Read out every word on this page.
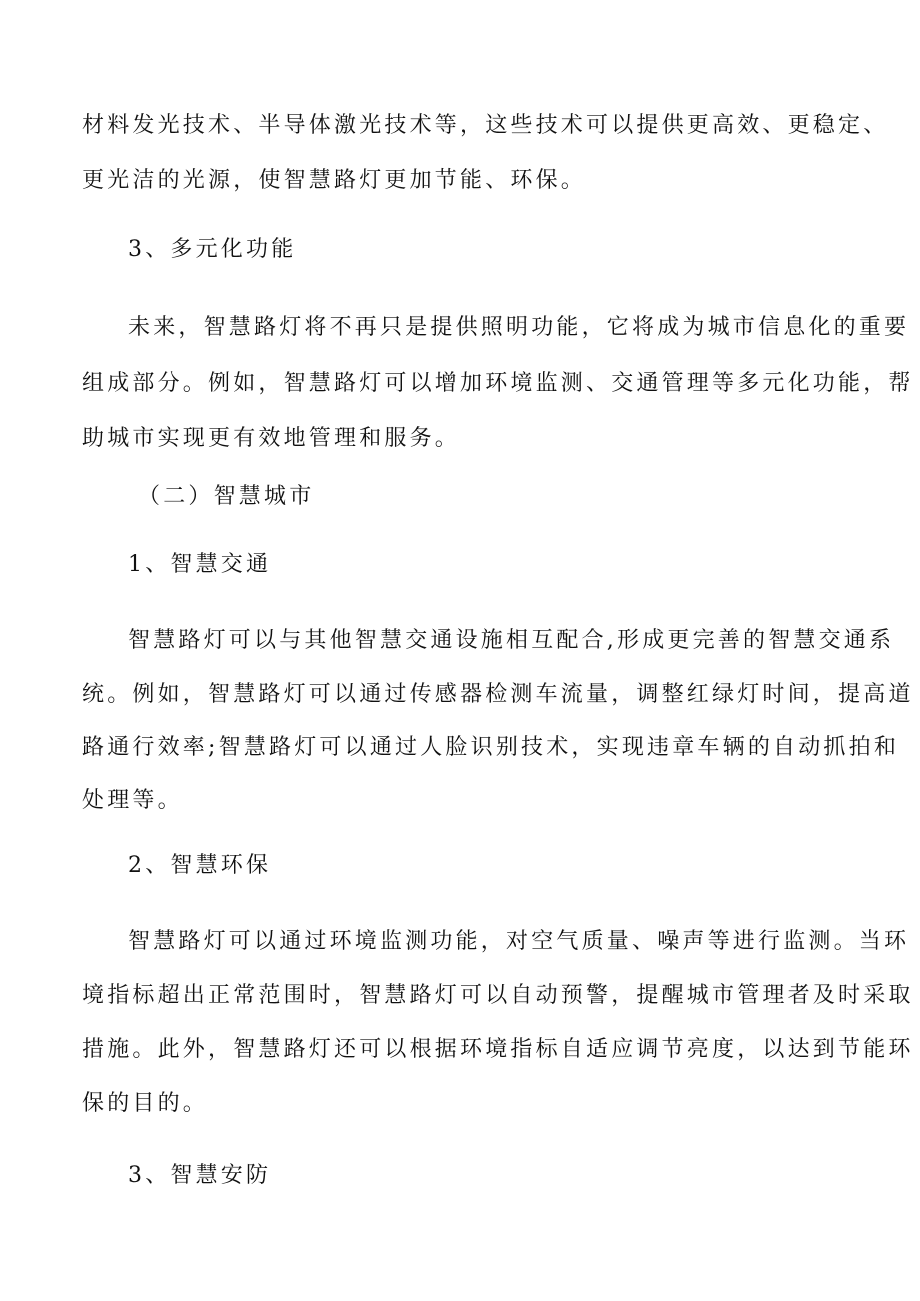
材料发光技术、半导体激光技术等，这些技术可以提供更高效、更稳定、
更光洁的光源，使智慧路灯更加节能、环保。
3、多元化功能
未来，智慧路灯将不再只是提供照明功能，它将成为城市信息化的重要
组成部分。例如，智慧路灯可以增加环境监测、交通管理等多元化功能，帮
助城市实现更有效地管理和服务。
（二）智慧城市
1、智慧交通
智慧路灯可以与其他智慧交通设施相互配合,形成更完善的智慧交通系
统。例如，智慧路灯可以通过传感器检测车流量，调整红绿灯时间，提高道
路通行效率;智慧路灯可以通过人脸识别技术，实现违章车辆的自动抓拍和
处理等。
2、智慧环保
智慧路灯可以通过环境监测功能，对空气质量、噪声等进行监测。当环
境指标超出正常范围时，智慧路灯可以自动预警，提醒城市管理者及时采取
措施。此外，智慧路灯还可以根据环境指标自适应调节亮度，以达到节能环
保的目的。
3、智慧安防
